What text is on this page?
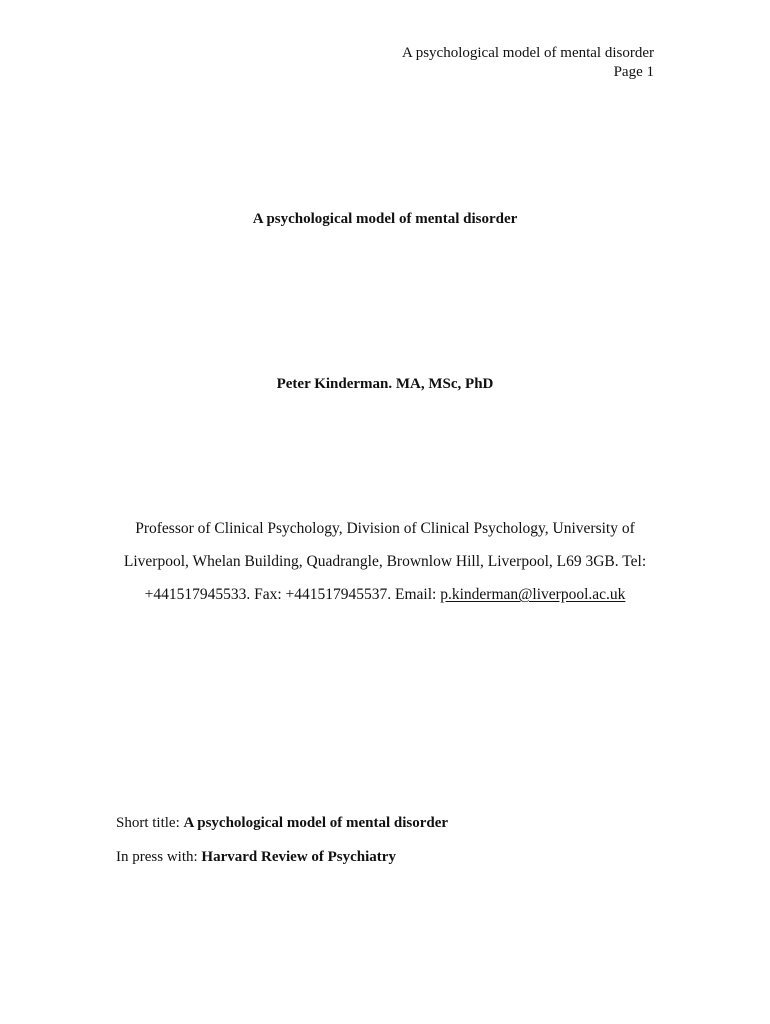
A psychological model of mental disorder
Page 1
A psychological model of mental disorder
Peter Kinderman. MA, MSc, PhD
Professor of Clinical Psychology, Division of Clinical Psychology, University of
Liverpool, Whelan Building, Quadrangle, Brownlow Hill, Liverpool, L69 3GB. Tel:
+441517945533. Fax: +441517945537. Email: p.kinderman@liverpool.ac.uk
Short title: A psychological model of mental disorder
In press with: Harvard Review of Psychiatry
